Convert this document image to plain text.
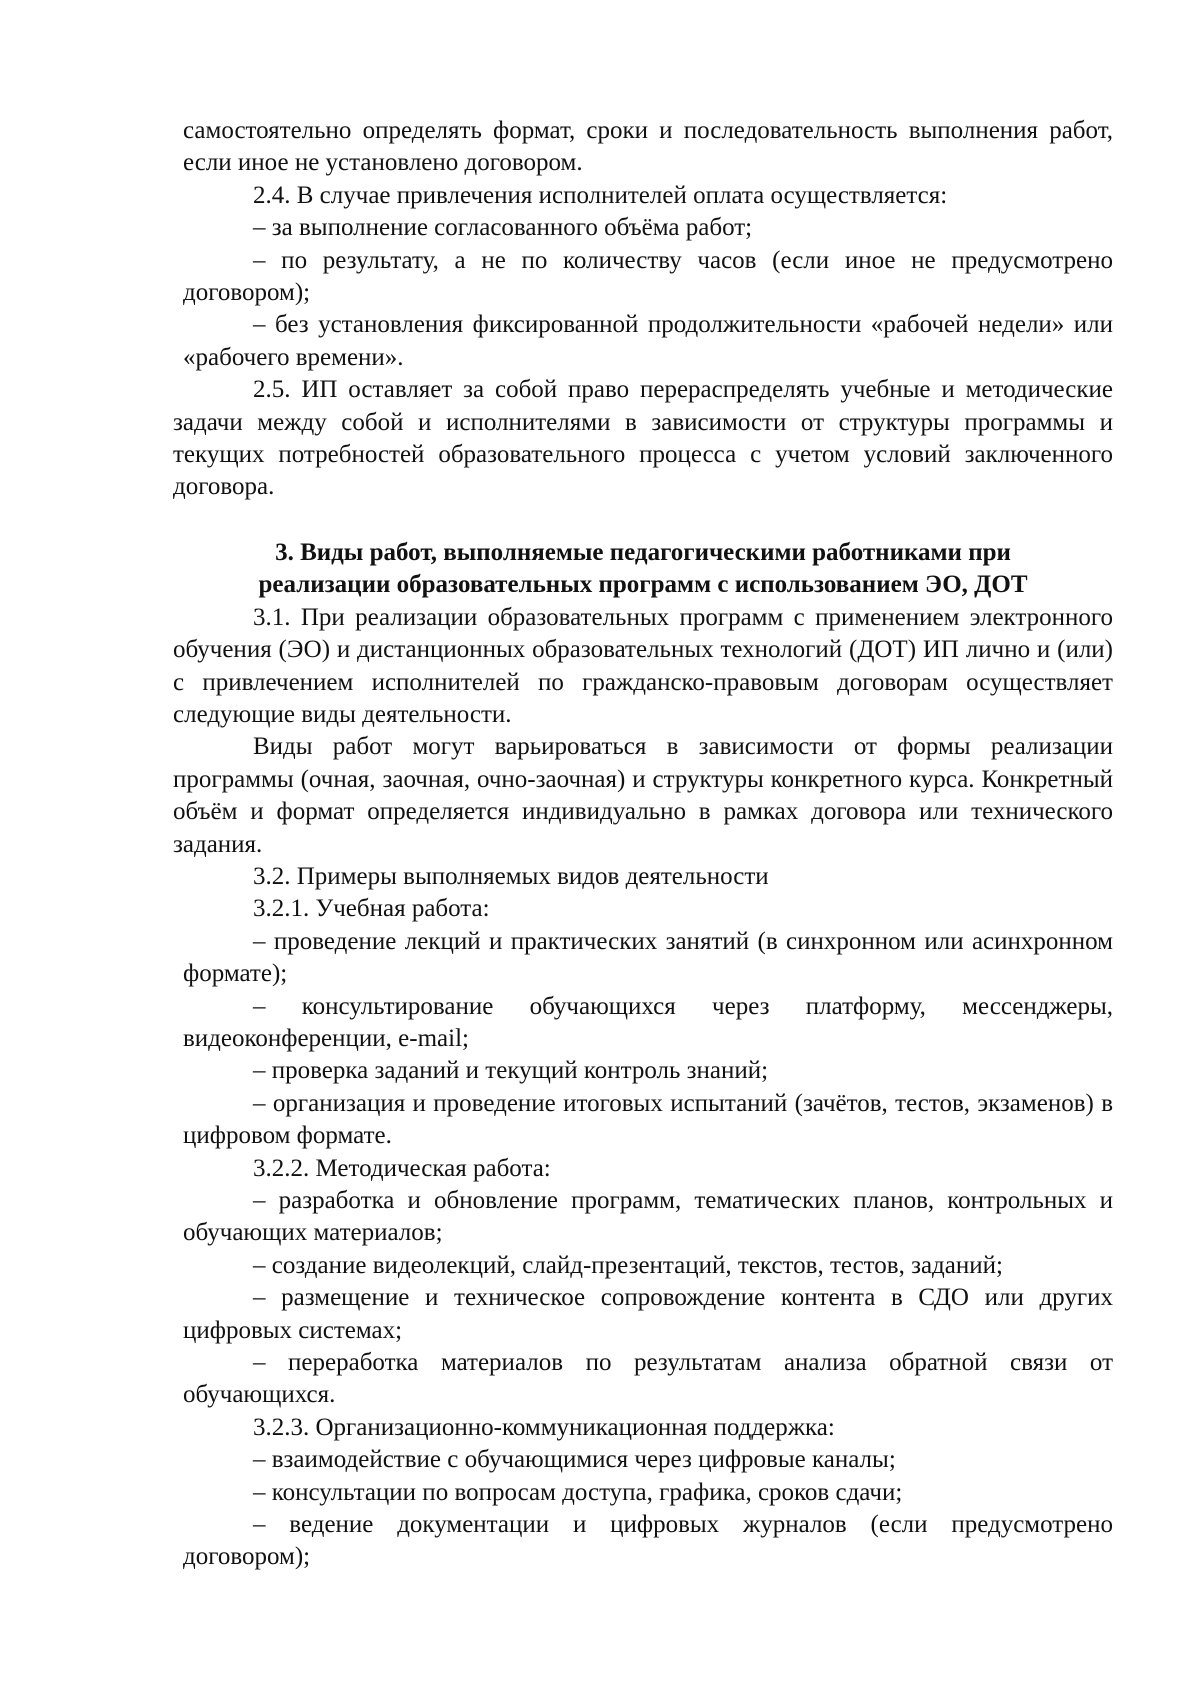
самостоятельно определять формат, сроки и последовательность выполнения работ, если иное не установлено договором.

2.4. В случае привлечения исполнителей оплата осуществляется:

– за выполнение согласованного объёма работ;

– по результату, а не по количеству часов (если иное не предусмотрено договором);

– без установления фиксированной продолжительности «рабочей недели» или «рабочего времени».

2.5. ИП оставляет за собой право перераспределять учебные и методические задачи между собой и исполнителями в зависимости от структуры программы и текущих потребностей образовательного процесса с учетом условий заключенного договора.

3. Виды работ, выполняемые педагогическими работниками при

реализации образовательных программ с использованием ЭО, ДОТ

3.1. При реализации образовательных программ с применением электронного обучения (ЭО) и дистанционных образовательных технологий (ДОТ) ИП лично и (или) с привлечением исполнителей по гражданско-правовым договорам осуществляет следующие виды деятельности.

Виды работ могут варьироваться в зависимости от формы реализации программы (очная, заочная, очно-заочная) и структуры конкретного курса. Конкретный объём и формат определяется индивидуально в рамках договора или технического задания.

3.2. Примеры выполняемых видов деятельности

3.2.1. Учебная работа:

– проведение лекций и практических занятий (в синхронном или асинхронном формате);

– консультирование обучающихся через платформу, мессенджеры, видеоконференции, e-mail;

– проверка заданий и текущий контроль знаний;

– организация и проведение итоговых испытаний (зачётов, тестов, экзаменов) в цифровом формате.

3.2.2. Методическая работа:

– разработка и обновление программ, тематических планов, контрольных и обучающих материалов;

– создание видеолекций, слайд-презентаций, текстов, тестов, заданий;

– размещение и техническое сопровождение контента в СДО или других цифровых системах;

– переработка материалов по результатам анализа обратной связи от обучающихся.

3.2.3. Организационно-коммуникационная поддержка:

– взаимодействие с обучающимися через цифровые каналы;

– консультации по вопросам доступа, графика, сроков сдачи;

– ведение документации и цифровых журналов (если предусмотрено договором);
